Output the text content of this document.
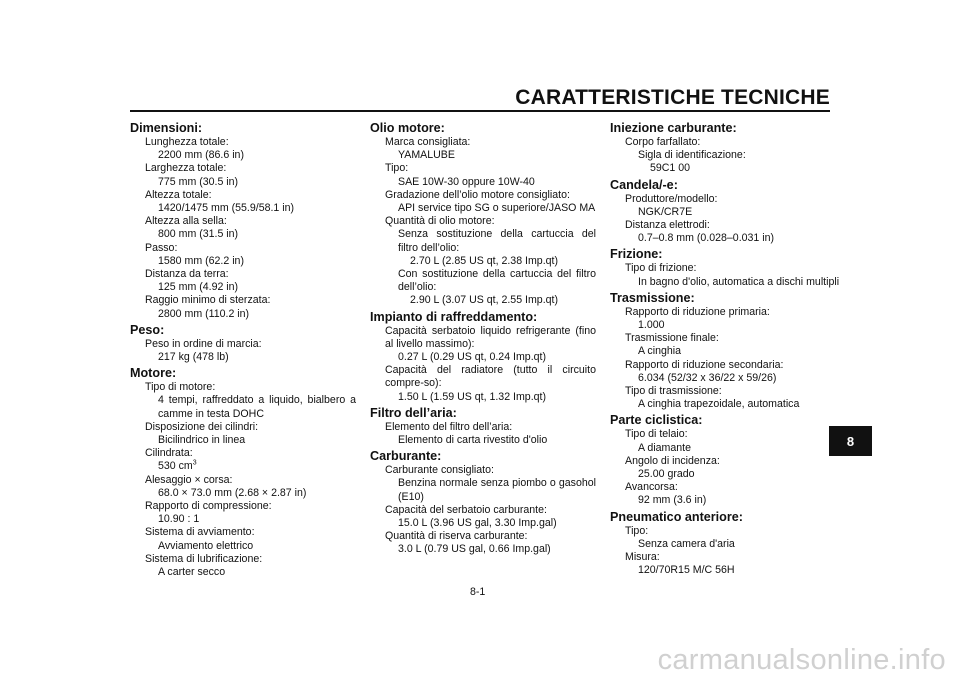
CARATTERISTICHE TECNICHE
Dimensioni:
Lunghezza totale:
2200 mm (86.6 in)
Larghezza totale:
775 mm (30.5 in)
Altezza totale:
1420/1475 mm (55.9/58.1 in)
Altezza alla sella:
800 mm (31.5 in)
Passo:
1580 mm (62.2 in)
Distanza da terra:
125 mm (4.92 in)
Raggio minimo di sterzata:
2800 mm (110.2 in)
Peso:
Peso in ordine di marcia:
217 kg (478 lb)
Motore:
Tipo di motore:
4 tempi, raffreddato a liquido, bialbero a camme in testa DOHC
Disposizione dei cilindri:
Bicilindrico in linea
Cilindrata:
530 $cm^3$
Alesaggio × corsa:
68.0 × 73.0 mm (2.68 × 2.87 in)
Rapporto di compressione:
10.90 : 1
Sistema di avviamento:
Avviamento elettrico
Sistema di lubrificazione:
A carter secco
Olio motore:
Marca consigliata:
YAMALUBE
Tipo:
SAE 10W-30 oppure 10W-40
Gradazione dell’olio motore consigliato:
API service tipo SG o superiore/JASO MA
Quantità di olio motore:
Senza sostituzione della cartuccia del filtro dell’olio:
2.70 L (2.85 US qt, 2.38 Imp.qt)
Con sostituzione della cartuccia del filtro dell’olio:
2.90 L (3.07 US qt, 2.55 Imp.qt)
Impianto di raffreddamento:
Capacità serbatoio liquido refrigerante (fino al livello massimo):
0.27 L (0.29 US qt, 0.24 Imp.qt)
Capacità del radiatore (tutto il circuito compre-so):
1.50 L (1.59 US qt, 1.32 Imp.qt)
Filtro dell’aria:
Elemento del filtro dell’aria:
Elemento di carta rivestito d'olio
Carburante:
Carburante consigliato:
Benzina normale senza piombo o gasohol (E10)
Capacità del serbatoio carburante:
15.0 L (3.96 US gal, 3.30 Imp.gal)
Quantità di riserva carburante:
3.0 L (0.79 US gal, 0.66 Imp.gal)
Iniezione carburante:
Corpo farfallato:
Sigla di identificazione:
59C1 00
Candela/-e:
Produttore/modello:
NGK/CR7E
Distanza elettrodi:
0.7–0.8 mm (0.028–0.031 in)
Frizione:
Tipo di frizione:
In bagno d'olio, automatica a dischi multipli
Trasmissione:
Rapporto di riduzione primaria:
1.000
Trasmissione finale:
A cinghia
Rapporto di riduzione secondaria:
6.034 (52/32 x 36/22 x 59/26)
Tipo di trasmissione:
A cinghia trapezoidale, automatica
Parte ciclistica:
Tipo di telaio:
A diamante
Angolo di incidenza:
25.00 grado
Avancorsa:
92 mm (3.6 in)
Pneumatico anteriore:
Tipo:
Senza camera d'aria
Misura:
120/70R15 M/C 56H
8
8-1
carmanualsonline.info
